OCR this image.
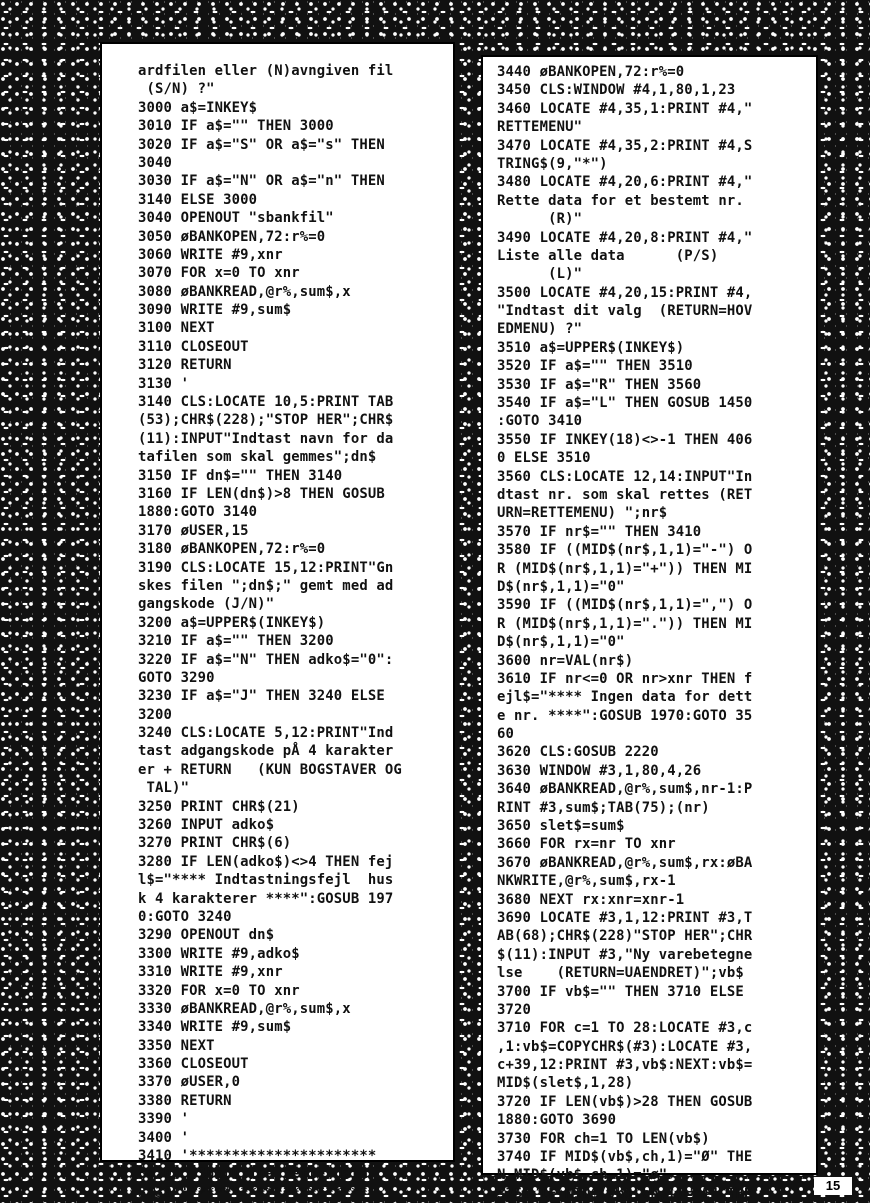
ardfilen eller (N)avngiven fil
(S/N) ?"
3000 a$=INKEY$
3010 IF a$="" THEN 3000
3020 IF a$="S" OR a$="s" THEN
3040
3030 IF a$="N" OR a$="n" THEN
3140 ELSE 3000
3040 OPENOUT "sbankfil"
3050 øBANKOPEN,72:r%=0
3060 WRITE #9,xnr
3070 FOR x=0 TO xnr
3080 øBANKREAD,@r%,sum$,x
3090 WRITE #9,sum$
3100 NEXT
3110 CLOSEOUT
3120 RETURN
3130 '
3140 CLS:LOCATE 10,5:PRINT TAB
(53);CHR$(228);"STOP HER";CHR$
(11):INPUT"Indtast navn for da
tafilen som skal gemmes";dn$
3150 IF dn$="" THEN 3140
3160 IF LEN(dn$)>8 THEN GOSUB
1880:GOTO 3140
3170 øUSER,15
3180 øBANKOPEN,72:r%=0
3190 CLS:LOCATE 15,12:PRINT"Gn
skes filen ";dn$;" gemt med ad
gangskode (J/N)"
3200 a$=UPPER$(INKEY$)
3210 IF a$="" THEN 3200
3220 IF a$="N" THEN adko$="0":
GOTO 3290
3230 IF a$="J" THEN 3240 ELSE
3200
3240 CLS:LOCATE 5,12:PRINT"Ind
tast adgangskode pÅ 4 karakter
er + RETURN   (KUN BOGSTAVER OG
TAL)"
3250 PRINT CHR$(21)
3260 INPUT adko$
3270 PRINT CHR$(6)
3280 IF LEN(adko$)<>4 THEN fej
l$="**** Indtastningsfejl  hus
k 4 karakterer ****":GOSUB 197
0:GOTO 3240
3290 OPENOUT dn$
3300 WRITE #9,adko$
3310 WRITE #9,xnr
3320 FOR x=0 TO xnr
3330 øBANKREAD,@r%,sum$,x
3340 WRITE #9,sum$
3350 NEXT
3360 CLOSEOUT
3370 øUSER,0
3380 RETURN
3390 '
3400 '
3410 '**********************
3420 ' Subrutine rette data
3430 '*********************
3440 øBANKOPEN,72:r%=0
3450 CLS:WINDOW #4,1,80,1,23
3460 LOCATE #4,35,1:PRINT #4,"
RETTEMENU"
3470 LOCATE #4,35,2:PRINT #4,S
TRING$(9,"*")
3480 LOCATE #4,20,6:PRINT #4,"
Rette data for et bestemt nr.
(R)"
3490 LOCATE #4,20,8:PRINT #4,"
Liste alle data      (P/S)
(L)"
3500 LOCATE #4,20,15:PRINT #4,
"Indtast dit valg  (RETURN=HOV
EDMENU) ?"
3510 a$=UPPER$(INKEY$)
3520 IF a$="" THEN 3510
3530 IF a$="R" THEN 3560
3540 IF a$="L" THEN GOSUB 1450
:GOTO 3410
3550 IF INKEY(18)<>-1 THEN 406
0 ELSE 3510
3560 CLS:LOCATE 12,14:INPUT"In
dtast nr. som skal rettes (RET
URN=RETTEMENU) ";nr$
3570 IF nr$="" THEN 3410
3580 IF ((MID$(nr$,1,1)="-") O
R (MID$(nr$,1,1)="+")) THEN MI
D$(nr$,1,1)="0"
3590 IF ((MID$(nr$,1,1)=",") O
R (MID$(nr$,1,1)=".")) THEN MI
D$(nr$,1,1)="0"
3600 nr=VAL(nr$)
3610 IF nr<=0 OR nr>xnr THEN f
ejl$="**** Ingen data for dett
e nr. ****":GOSUB 1970:GOTO 35
60
3620 CLS:GOSUB 2220
3630 WINDOW #3,1,80,4,26
3640 øBANKREAD,@r%,sum$,nr-1:P
RINT #3,sum$;TAB(75);(nr)
3650 slet$=sum$
3660 FOR rx=nr TO xnr
3670 øBANKREAD,@r%,sum$,rx:øBA
NKWRITE,@r%,sum$,rx-1
3680 NEXT rx:xnr=xnr-1
3690 LOCATE #3,1,12:PRINT #3,T
AB(68);CHR$(228)"STOP HER";CHR
$(11):INPUT #3,"Ny varebetegne
lse    (RETURN=UAENDRET)";vb$
3700 IF vb$="" THEN 3710 ELSE
3720
3710 FOR c=1 TO 28:LOCATE #3,c
,1:vb$=COPYCHR$(#3):LOCATE #3,
c+39,12:PRINT #3,vb$:NEXT:vb$=
MID$(slet$,1,28)
3720 IF LEN(vb$)>28 THEN GOSUB
1880:GOTO 3690
3730 FOR ch=1 TO LEN(vb$)
3740 IF MID$(vb$,ch,1)="Ø" THE
N MID$(vb$,ch,1)="ø"
3750 IF MID$(vb$,ch,1)="Æ" THE
15
